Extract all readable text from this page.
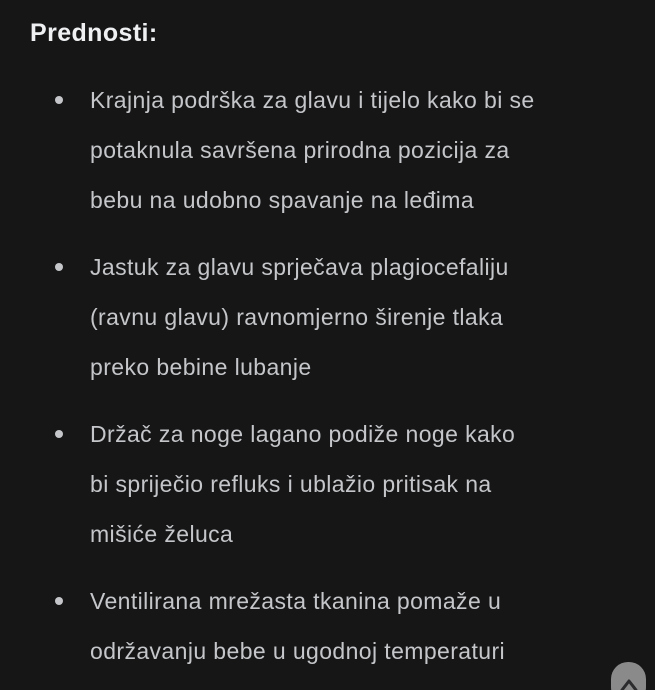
Prednosti:
Krajnja podrška za glavu i tijelo kako bi se
potaknula savršena prirodna pozicija za
bebu na udobno spavanje na leđima
Jastuk za glavu sprječava plagiocefaliju
(ravnu glavu) ravnomjerno širenje tlaka
preko bebine lubanje
Držač za noge lagano podiže noge kako
bi spriječio refluks i ublažio pritisak na
mišiće želuca
Ventilirana mrežasta tkanina pomaže u
održavanju bebe u ugodnoj temperaturi
